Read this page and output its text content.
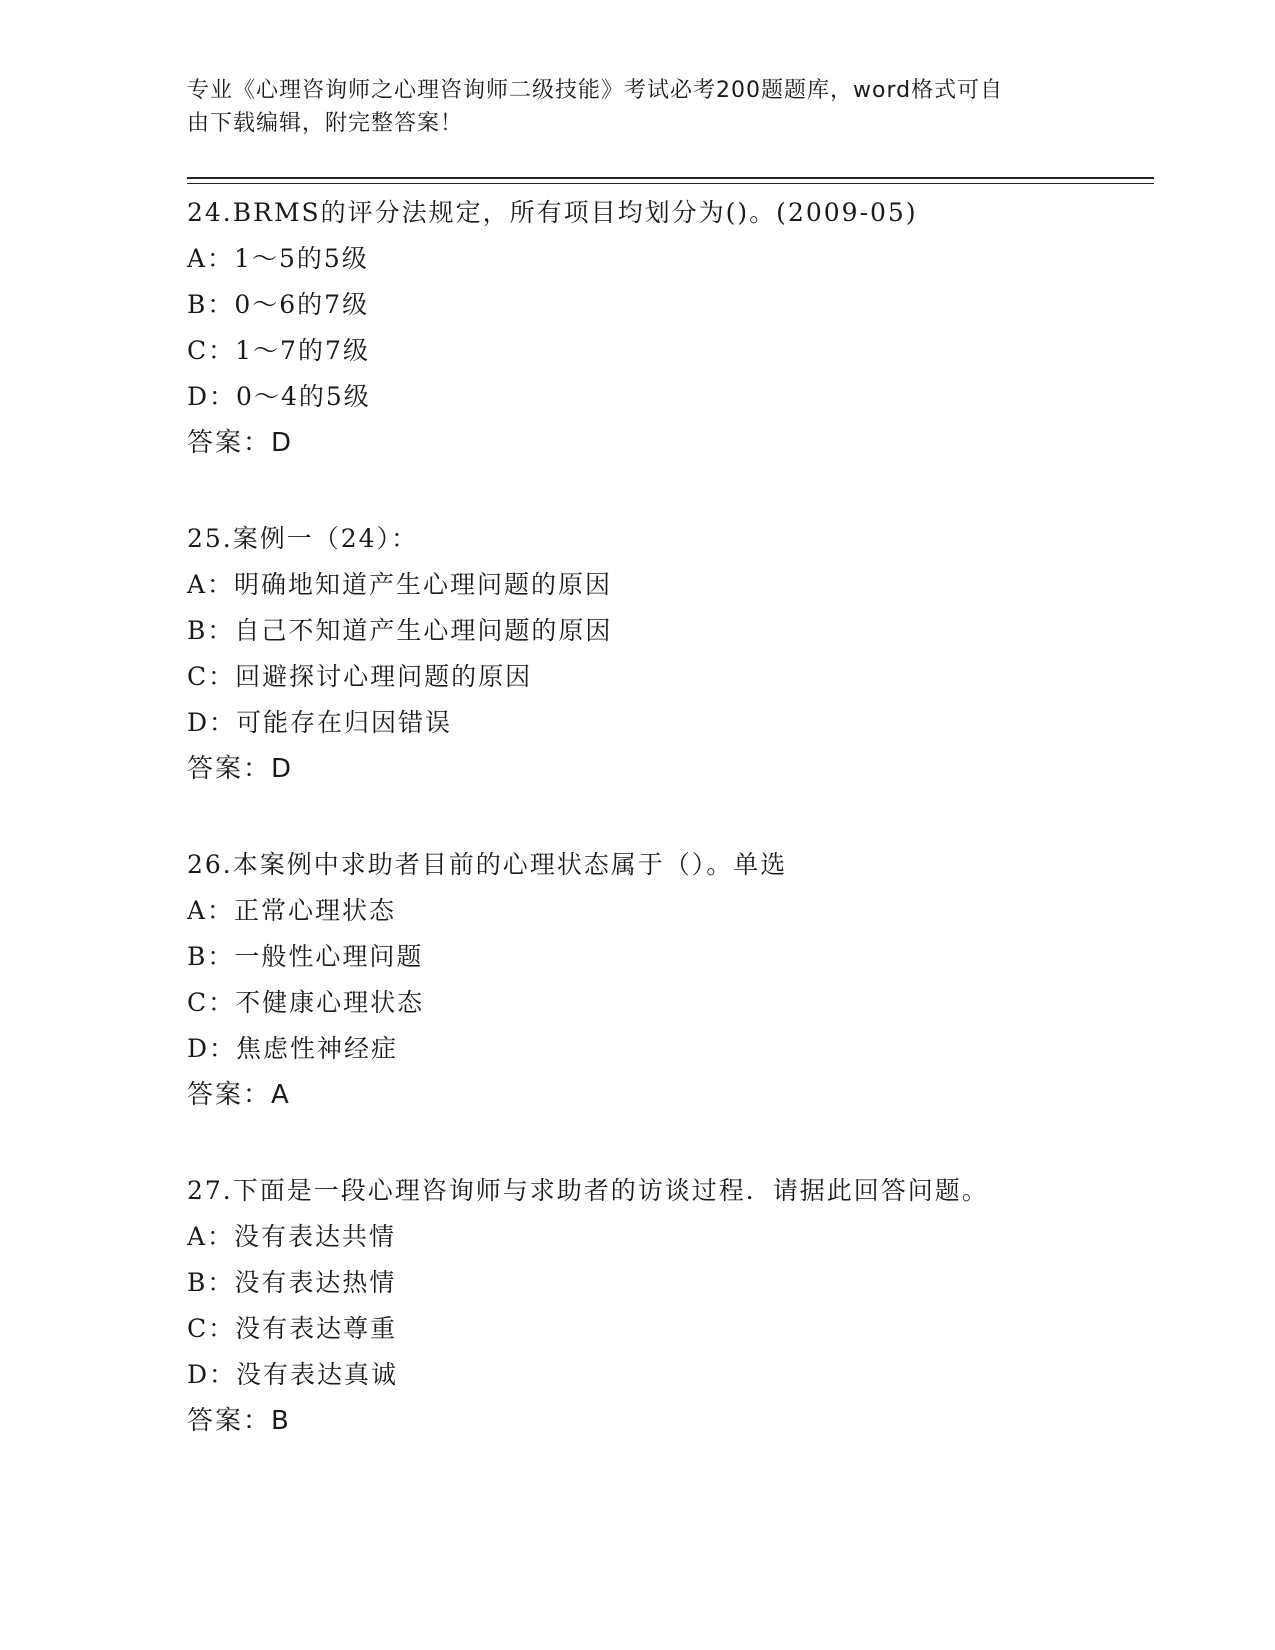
专业《心理咨询师之心理咨询师二级技能》考试必考200题题库，word格式可自
由下载编辑，附完整答案！
24.BRMS的评分法规定，所有项目均划分为()。(2009-05)
A：1～5的5级
B：0～6的7级
C：1～7的7级
D：0～4的5级
答案：D
25.案例一（24）：
A：明确地知道产生心理问题的原因
B：自己不知道产生心理问题的原因
C：回避探讨心理问题的原因
D：可能存在归因错误
答案：D
26.本案例中求助者目前的心理状态属于（）。单选
A：正常心理状态
B：一般性心理问题
C：不健康心理状态
D：焦虑性神经症
答案：A
27.下面是一段心理咨询师与求助者的访谈过程．请据此回答问题。
A：没有表达共情
B：没有表达热情
C：没有表达尊重
D：没有表达真诚
答案：B
